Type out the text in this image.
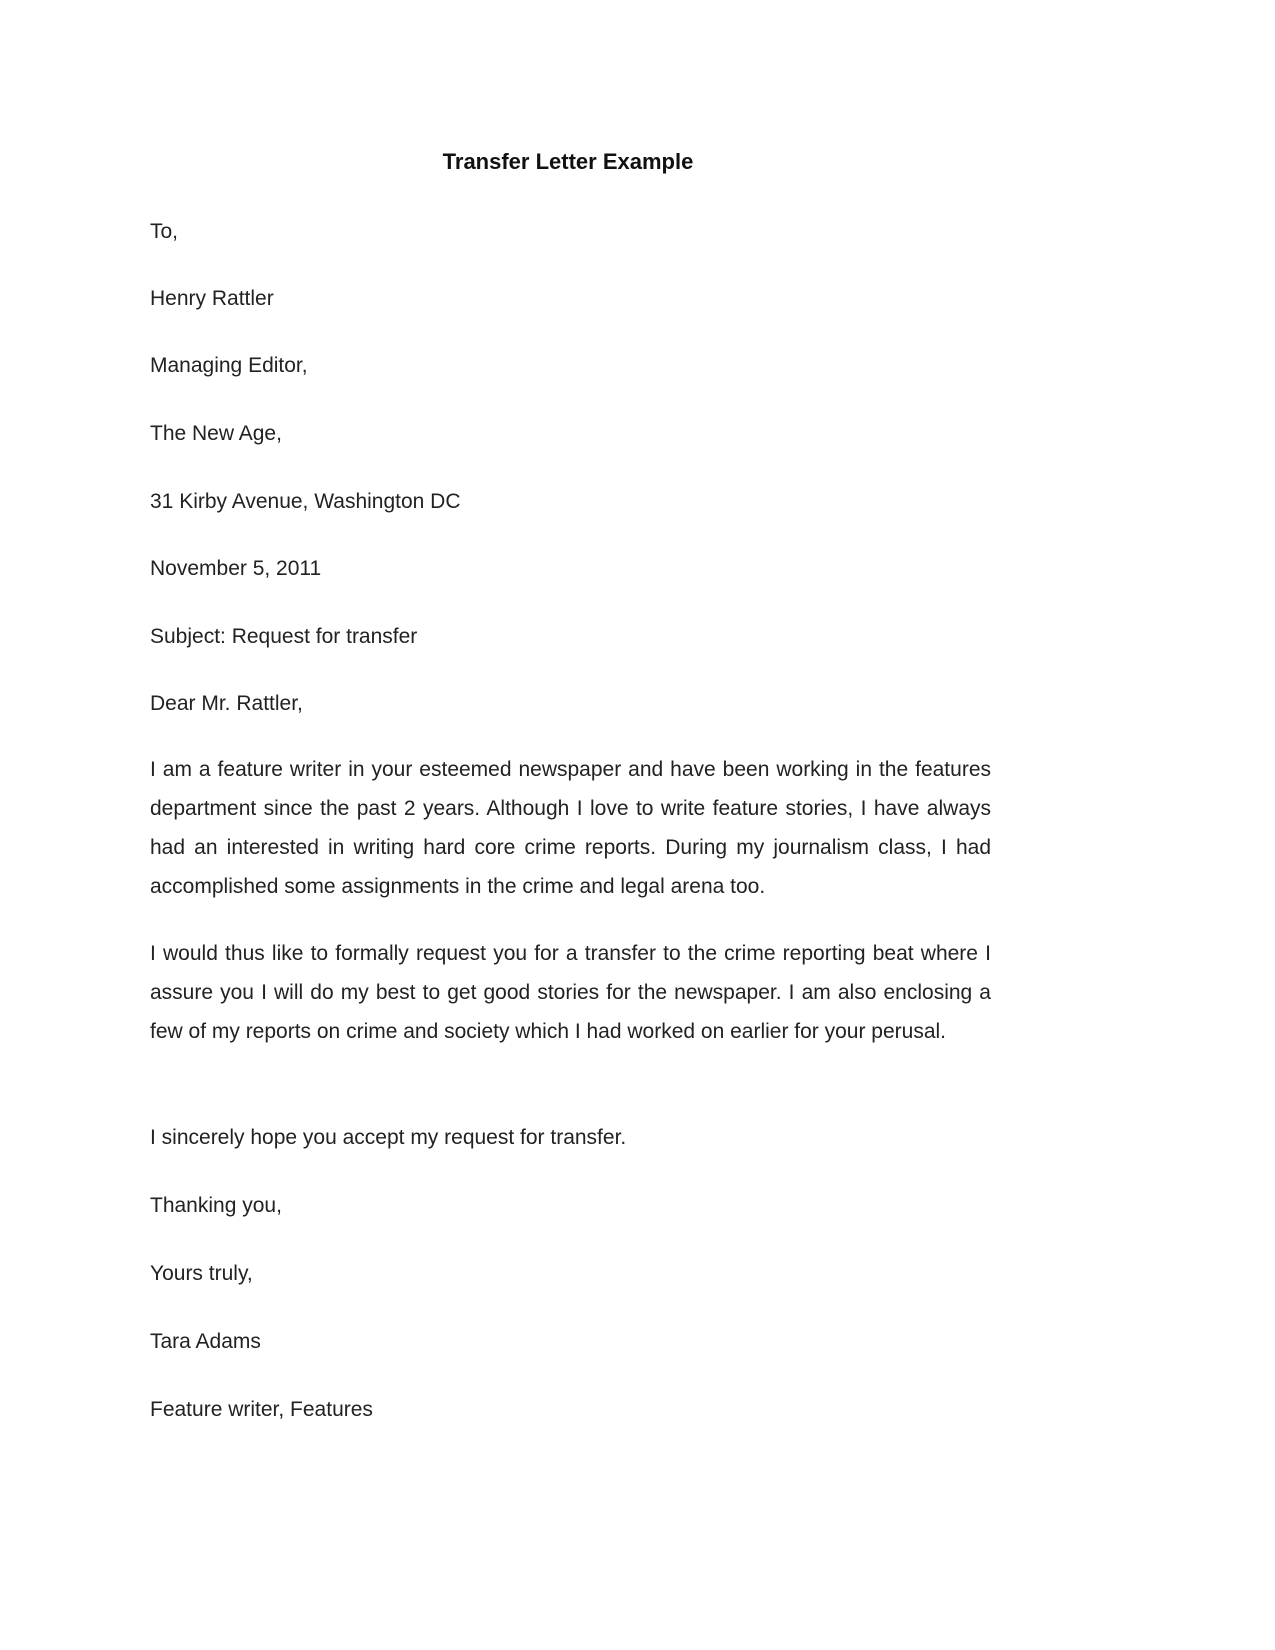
Transfer Letter Example
To,
Henry Rattler
Managing Editor,
The New Age,
31 Kirby Avenue, Washington DC
November 5, 2011
Subject: Request for transfer
Dear Mr. Rattler,

I am a feature writer in your esteemed newspaper and have been working in the features department since the past 2 years. Although I love to write feature stories, I have always had an interested in writing hard core crime reports. During my journalism class, I had accomplished some assignments in the crime and legal arena too.

I would thus like to formally request you for a transfer to the crime reporting beat where I assure you I will do my best to get good stories for the newspaper. I am also enclosing a few of my reports on crime and society which I had worked on earlier for your perusal.

I sincerely hope you accept my request for transfer.

Thanking you,
Yours truly,
Tara Adams
Feature writer, Features
